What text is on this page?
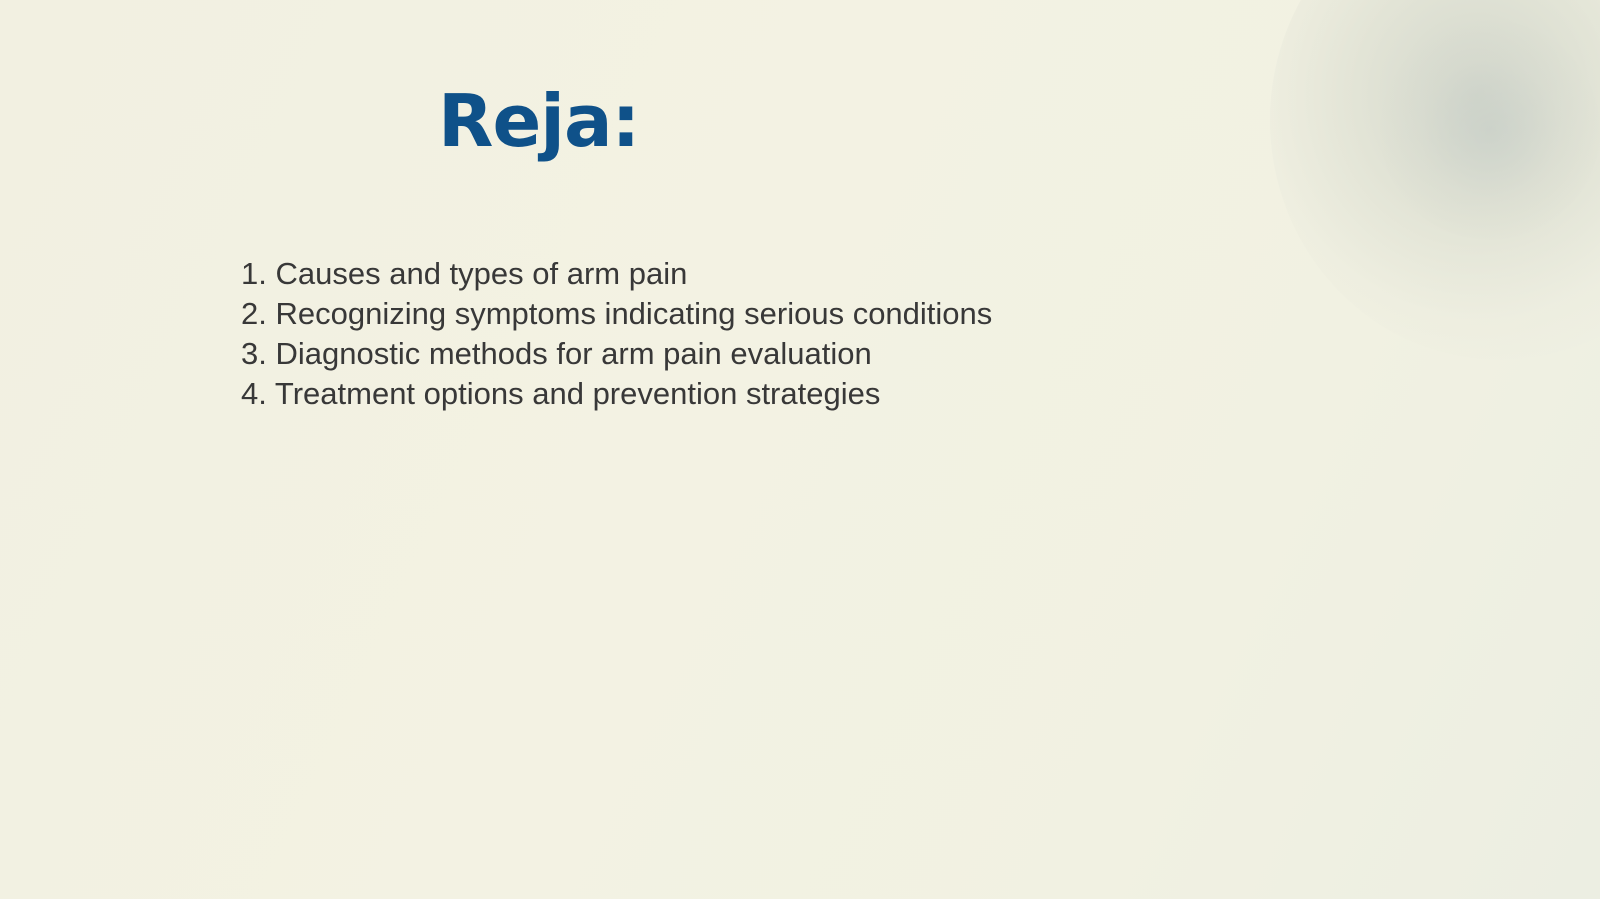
Reja:
1. Causes and types of arm pain
2. Recognizing symptoms indicating serious conditions
3. Diagnostic methods for arm pain evaluation
4. Treatment options and prevention strategies
